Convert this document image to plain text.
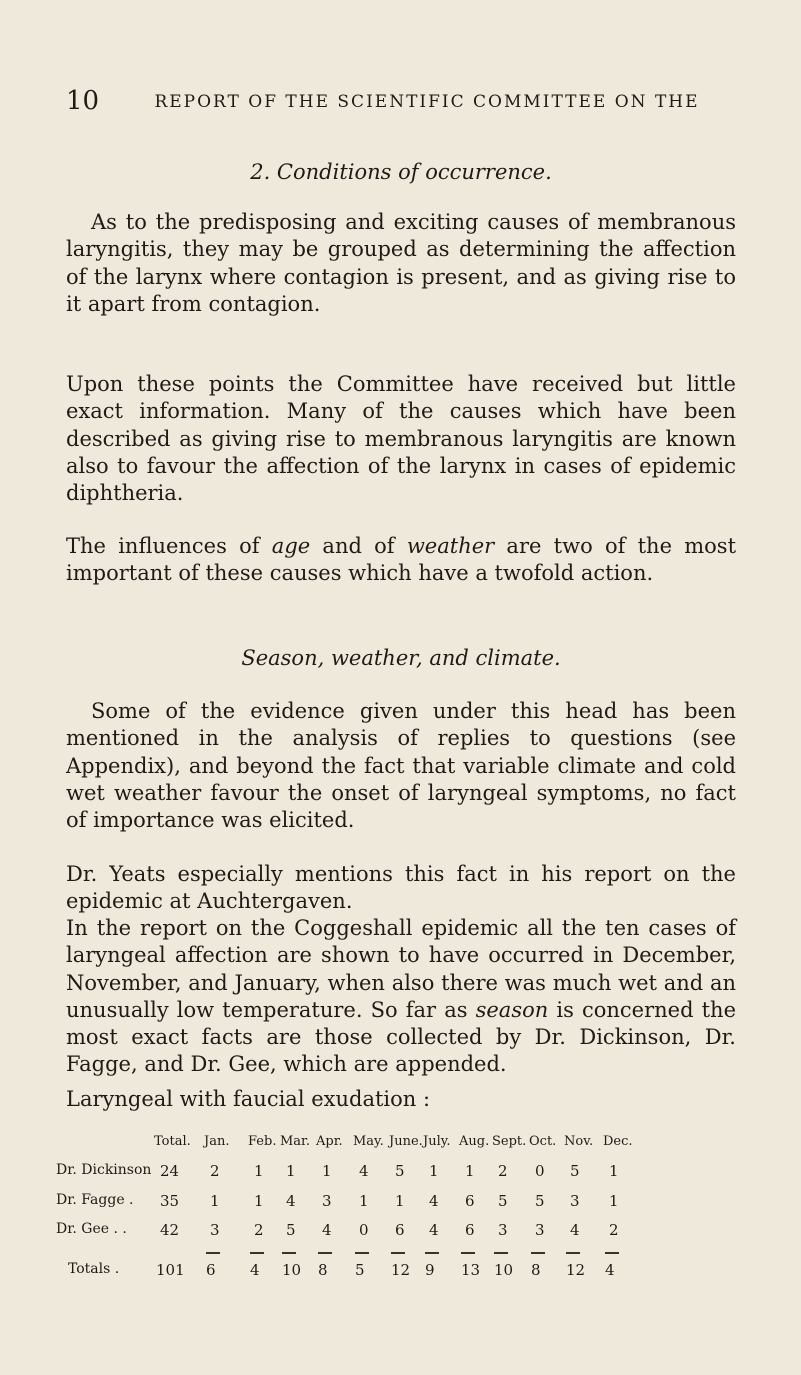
10	REPORT OF THE SCIENTIFIC COMMITTEE ON THE
2. Conditions of occurrence.

As to the predisposing and exciting causes of membranous laryngitis, they may be grouped as determining the affection of the larynx where contagion is present, and as giving rise to it apart from contagion.

Upon these points the Committee have received but little exact information. Many of the causes which have been described as giving rise to membranous laryngitis are known also to favour the affection of the larynx in cases of epidemic diphtheria.

The influences of age and of weather are two of the most important of these causes which have a twofold action.

Season, weather, and climate.

Some of the evidence given under this head has been mentioned in the analysis of replies to questions (see Appendix), and beyond the fact that variable climate and cold wet weather favour the onset of laryngeal symptoms, no fact of importance was elicited.

Dr. Yeats especially mentions this fact in his report on the epidemic at Auchtergaven.

In the report on the Coggeshall epidemic all the ten cases of laryngeal affection are shown to have occurred in December, November, and January, when also there was much wet and an unusually low temperature. So far as season is concerned the most exact facts are those collected by Dr. Dickinson, Dr. Fagge, and Dr. Gee, which are appended.

Laryngeal with faucial exudation :

Total. Jan. Feb. Mar. Apr. May. June. July. Aug. Sept. Oct. Nov. Dec.
Dr. Dickinson 24 2 1 1 1 4 5 1 1 2 0 5 1
Dr. Fagge . 35 1 1 4 3 1 1 4 6 5 5 3 1
Dr. Gee . . 42 3 2 5 4 0 6 4 6 3 3 4 2
Totals . 101 6 4 10 8 5 12 9 13 10 8 12 4
